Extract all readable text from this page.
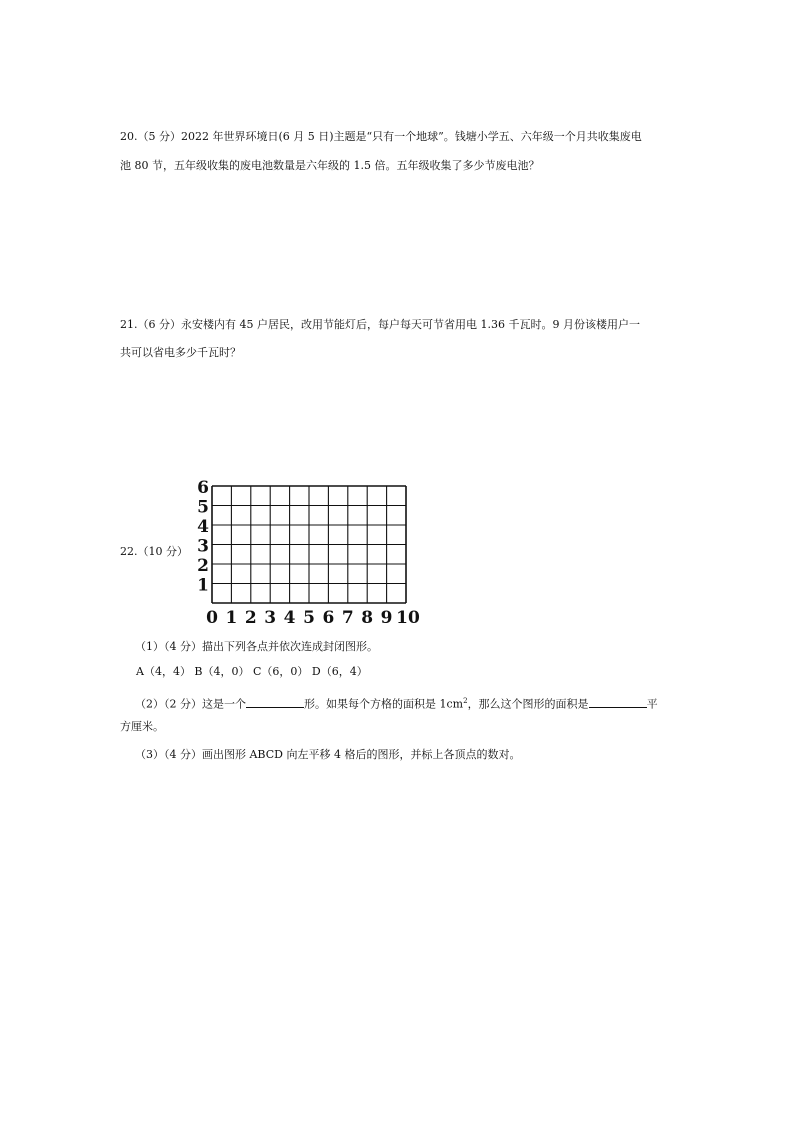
20.（5 分）2022 年世界环境日(6 月 5 日)主题是“只有一个地球”。钱塘小学五、六年级一个月共收集废电
池 80 节，五年级收集的废电池数量是六年级的 1.5 倍。五年级收集了多少节废电池？
21.（6 分）永安楼内有 45 户居民，改用节能灯后，每户每天可节省用电 1.36 千瓦时。9 月份该楼用户一
共可以省电多少千瓦时？
22.（10 分）
0 1 2 3 4 5 6 7 8 9 10
1
2
3
4
5
6
（1）（4 分）描出下列各点并依次连成封闭图形。
A（4，4） B（4，0） C（6，0） D（6，4）
（2）（2 分）这是一个	形。如果每个方格的面积是 $1cm^2$，那么这个图形的面积是	平
方厘米。
（3）（4 分）画出图形 ABCD 向左平移 4 格后的图形，并标上各顶点的数对。
